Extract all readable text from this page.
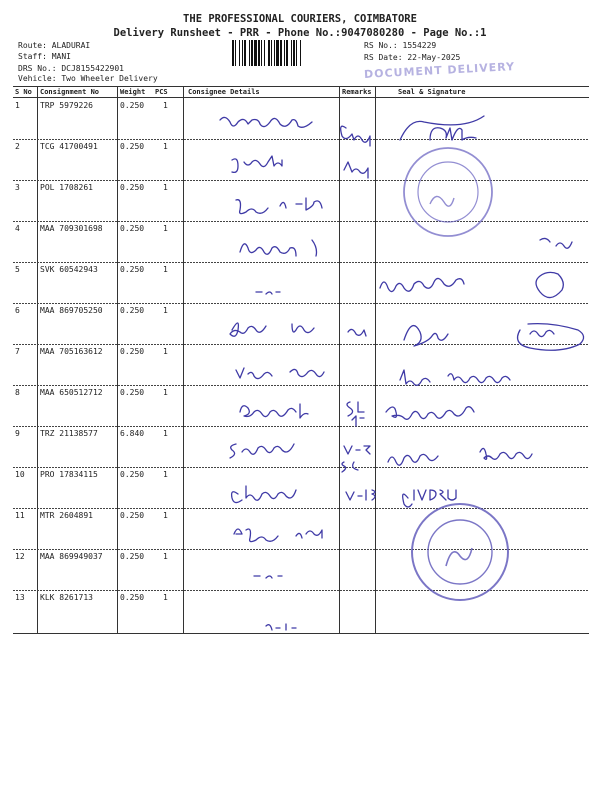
THE PROFESSIONAL COURIERS, COIMBATORE
Delivery Runsheet - PRR - Phone No.:9047080280 - Page No.:1
Route: ALADURAI
Staff: MANI
DRS No.: DCJ8155422901
Vehicle: Two Wheeler Delivery
RS No.: 1554229
RS Date: 22-May-2025
DOCUMENT DELIVERY
S No Consignment No	Weight PCS	Consignee Details	Remarks	Seal & Signature
1	TRP 5979226	0.250 1
2	TCG 41700491	0.250 1
3	POL 1708261	0.250 1
4	MAA 709301698 0.250 1
5	SVK 60542943	0.250 1
6	MAA 869705250 0.250 1
7	MAA 705163612 0.250 1
8	MAA 650512712 0.250 1
9	TRZ 21138577	6.840 1
10 PRO 17834115	0.250 1
11 MTR 2604891	0.250 1
12 MAA 869949037 0.250 1
13 KLK 8261713	0.250 1
